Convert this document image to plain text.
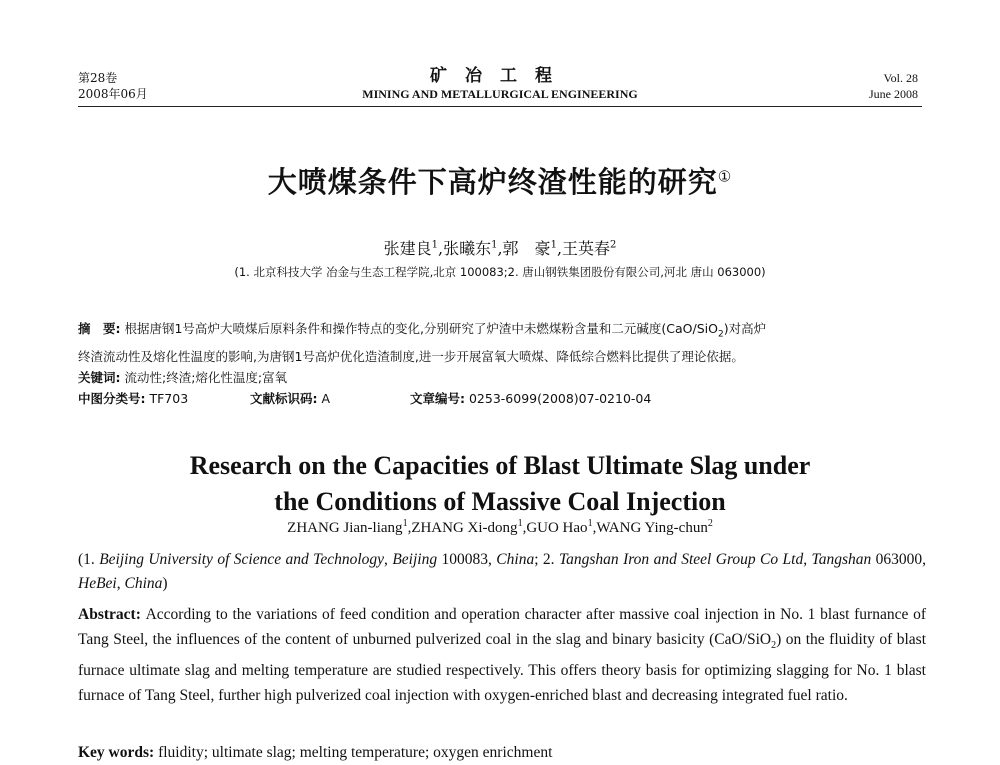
第28卷
2008年06月
矿冶工程
MINING AND METALLURGICAL ENGINEERING
Vol. 28
June 2008
大喷煤条件下高炉终渣性能的研究①
张建良$^1$,张曦东$^1$,郭　豪$^1$,王英春$^2$
(1. 北京科技大学 冶金与生态工程学院,北京 100083;2. 唐山钢铁集团股份有限公司,河北 唐山 063000)
摘　要: 根据唐钢1号高炉大喷煤后原料条件和操作特点的变化,分别研究了炉渣中未燃煤粉含量和二元碱度(CaO/SiO$_2$)对高炉
终渣流动性及熔化性温度的影响,为唐钢1号高炉优化造渣制度,进一步开展富氧大喷煤、降低综合燃料比提供了理论依据。
关键词: 流动性;终渣;熔化性温度;富氧
中图分类号: TF703	文献标识码: A	文章编号: 0253-6099(2008)07-0210-04
Research on the Capacities of Blast Ultimate Slag under
the Conditions of Massive Coal Injection
ZHANG Jian-liang$^1$,ZHANG Xi-dong$^1$,GUO Hao$^1$,WANG Ying-chun$^2$
(1. Beijing University of Science and Technology, Beijing 100083, China; 2. Tangshan Iron and Steel Group Co Ltd, Tangshan 063000, HeBei, China)
Abstract: According to the variations of feed condition and operation character after massive coal injection in No. 1 blast furnance of Tang Steel, the influences of the content of unburned pulverized coal in the slag and binary basicity (CaO/SiO$_2$) on the fluidity of blast furnace ultimate slag and melting temperature are studied respectively. This offers theory basis for optimizing slagging for No. 1 blast furnace of Tang Steel, further high pulverized coal injection with oxygen-enriched blast and decreasing integrated fuel ratio.
Key words: fluidity; ultimate slag; melting temperature; oxygen enrichment
